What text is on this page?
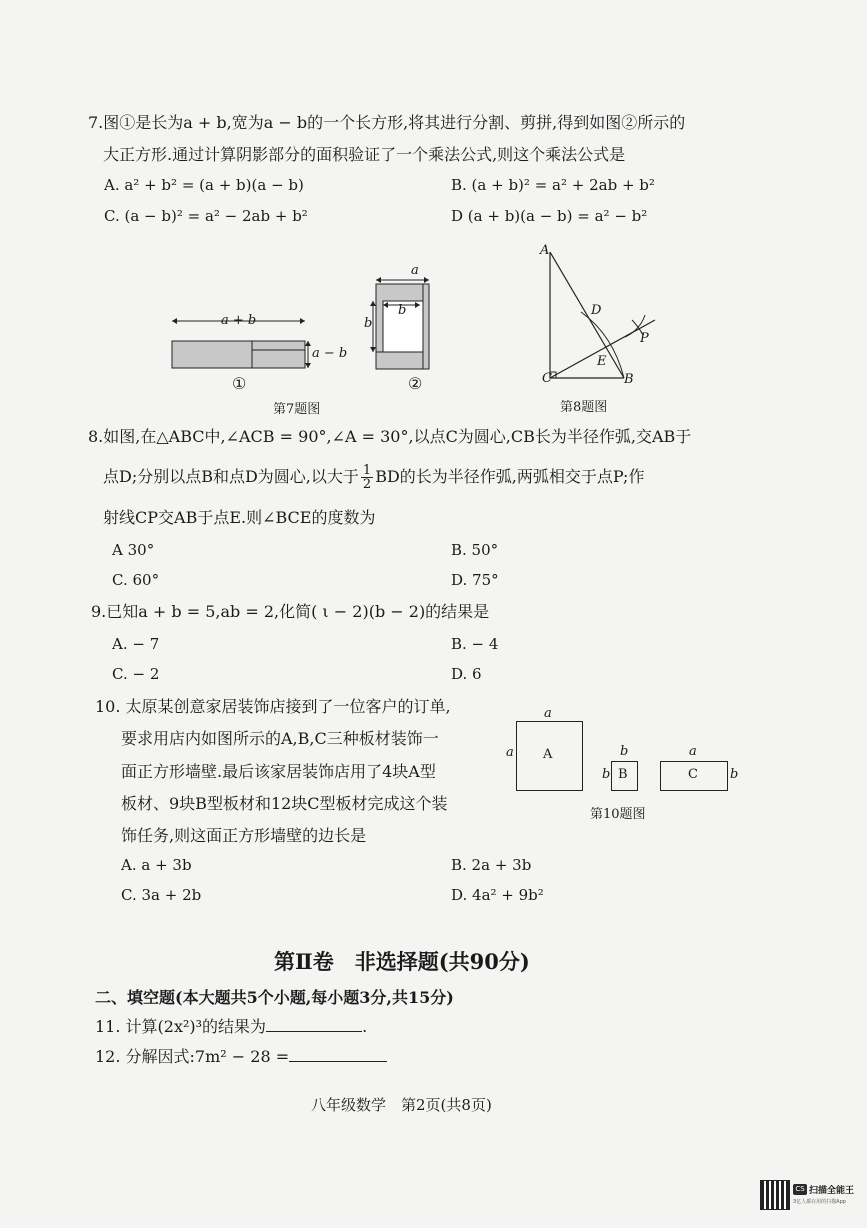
7.图①是长为a + b,宽为a − b的一个长方形,将其进行分割、剪拼,得到如图②所示的
大正方形.通过计算阴影部分的面积验证了一个乘法公式,则这个乘法公式是
A. a² + b² = (a + b)(a − b)	B. (a + b)² = a² + 2ab + b²
C. (a − b)² = a² − 2ab + b²	D (a + b)(a − b) = a² − b²
a + b
a − b
①
a
b
b
②
第7题图
A
D
P
E
C	B
第8题图
8.如图,在△ABC中,∠ACB = 90°,∠A = 30°,以点C为圆心,CB长为半径作弧,交AB于
点D;分别以点B和点D为圆心,以大于 $\frac{1}{2}$ BD的长为半径作弧,两弧相交于点P;作
射线CP交AB于点E.则∠BCE的度数为
A 30°	B. 50°
C. 60°	D. 75°
9.已知a + b = 5,ab = 2,化简( ι − 2)(b − 2)的结果是
A. − 7	B. − 4
C. − 2	D. 6
10. 太原某创意家居装饰店接到了一位客户的订单,
要求用店内如图所示的A,B,C三种板材装饰一
面正方形墙壁.最后该家居装饰店用了4块A型
板材、9块B型板材和12块C型板材完成这个装
饰任务,则这面正方形墙壁的边长是
A. a + 3b	B. 2a + 3b
C. 3a + 2b	D. 4a² + 9b²
A
a
a
B
b
b	C
a
b
第10题图
第Ⅱ卷　非选择题(共90分)
二、填空题(本大题共5个小题,每小题3分,共15分)
11. 计算(2x²)³的结果为	.
12. 分解因式:7m² − 28 =
八年级数学　第2页(共8页)
CS 扫描全能王
3亿人都在用的扫描App
